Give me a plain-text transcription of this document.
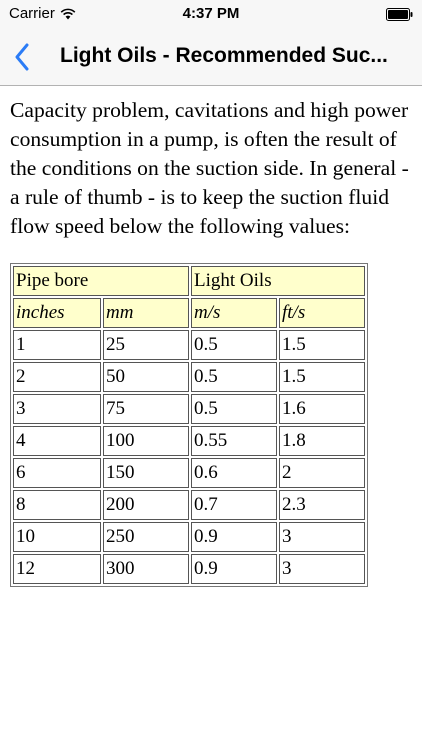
Carrier	4:37 PM
Light Oils - Recommended Suc...

Capacity problem, cavitations and high power consumption in a pump, is often the result of the conditions on the suction side. In general - a rule of thumb - is to keep the suction fluid flow speed below the following values:

Pipe bore		Light Oils	
inches	mm	m/s	ft/s
1	25	0.5	1.5
2	50	0.5	1.5
3	75	0.5	1.6
4	100	0.55	1.8
6	150	0.6	2
8	200	0.7	2.3
10	250	0.9	3
12	300	0.9	3
